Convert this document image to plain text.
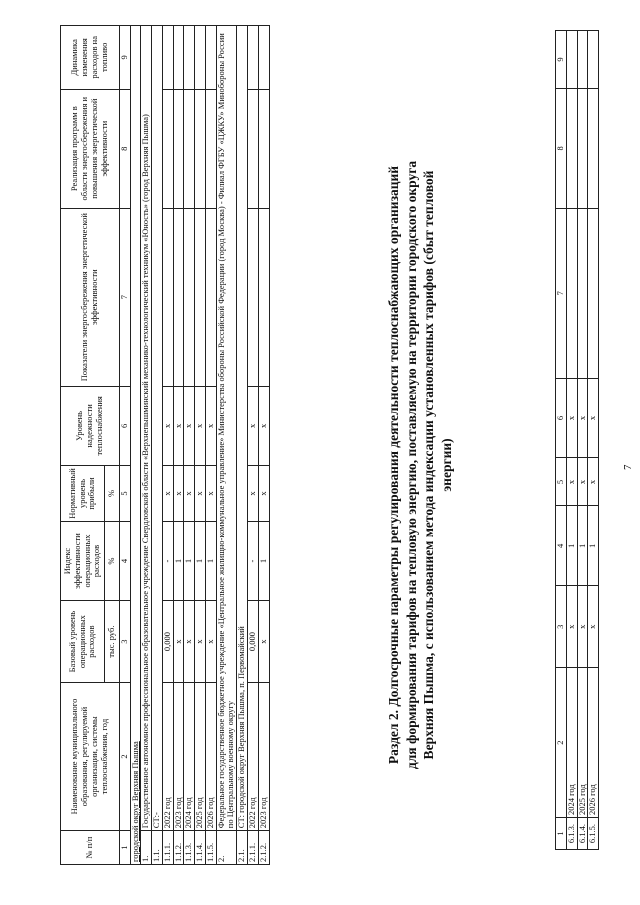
7
1	2	3	4	5	6	7	8	9
6.1.3.	2024 год	x	1	x	x			
6.1.4.	2025 год	x	1	x	x			
6.1.5.	2026 год	x	1	x	x			
Раздел 2. Долгосрочные параметры регулирования деятельности теплоснабжающих организаций для формирования тарифов на тепловую энергию, поставляемую на территории городского округа Верхняя Пышма, с использованием метода индексации установленных тарифов (сбыт тепловой энергии)
№ п/п	Наименование муниципального образования, регулируемой организации, системы теплоснабжения, год	Базовый уровень операционных расходов	Индекс эффективности операционных расходов	Нормативный уровень прибыли	Уровень надежности теплоснабжения	Показатели энергосбережения энергетической эффективности	Реализация программ в области энергосбережения и повышения энергетической эффективности	Динамика изменения расходов на топливо
		тыс. руб.	%	%				
1	2	3	4	5	6	7	8	9
городской округ Верхняя Пышма								
1.	Государственное автономное профессиональное образовательное учреждение Свердловской области «Верхнепышминский механико-технологический техникум «Юность» (город Верхняя Пышма)							
1.1.	СТ:-							
1.1.1.	2022 год	0,000	-	x	x			
1.1.2.	2023 год	x	1	x	x			
1.1.3.	2024 год	x	1	x	x			
1.1.4.	2025 год	x	1	x	x			
1.1.5.	2026 год	x	1	x	x			
2.	Федеральное государственное бюджетное учреждение «Центральное жилищно-коммунальное управление» Министерства обороны Российской Федерации (город Москва) - Филиал ФГБУ «ЦЖКУ» Минобороны России по Центральному военному округу							
2.1.	СТ: городской округ Верхняя Пышма, п. Первомайский							
2.1.1.	2022 год	0,000	-	x	x			
2.1.2.	2023 год	x	1	x	x			
